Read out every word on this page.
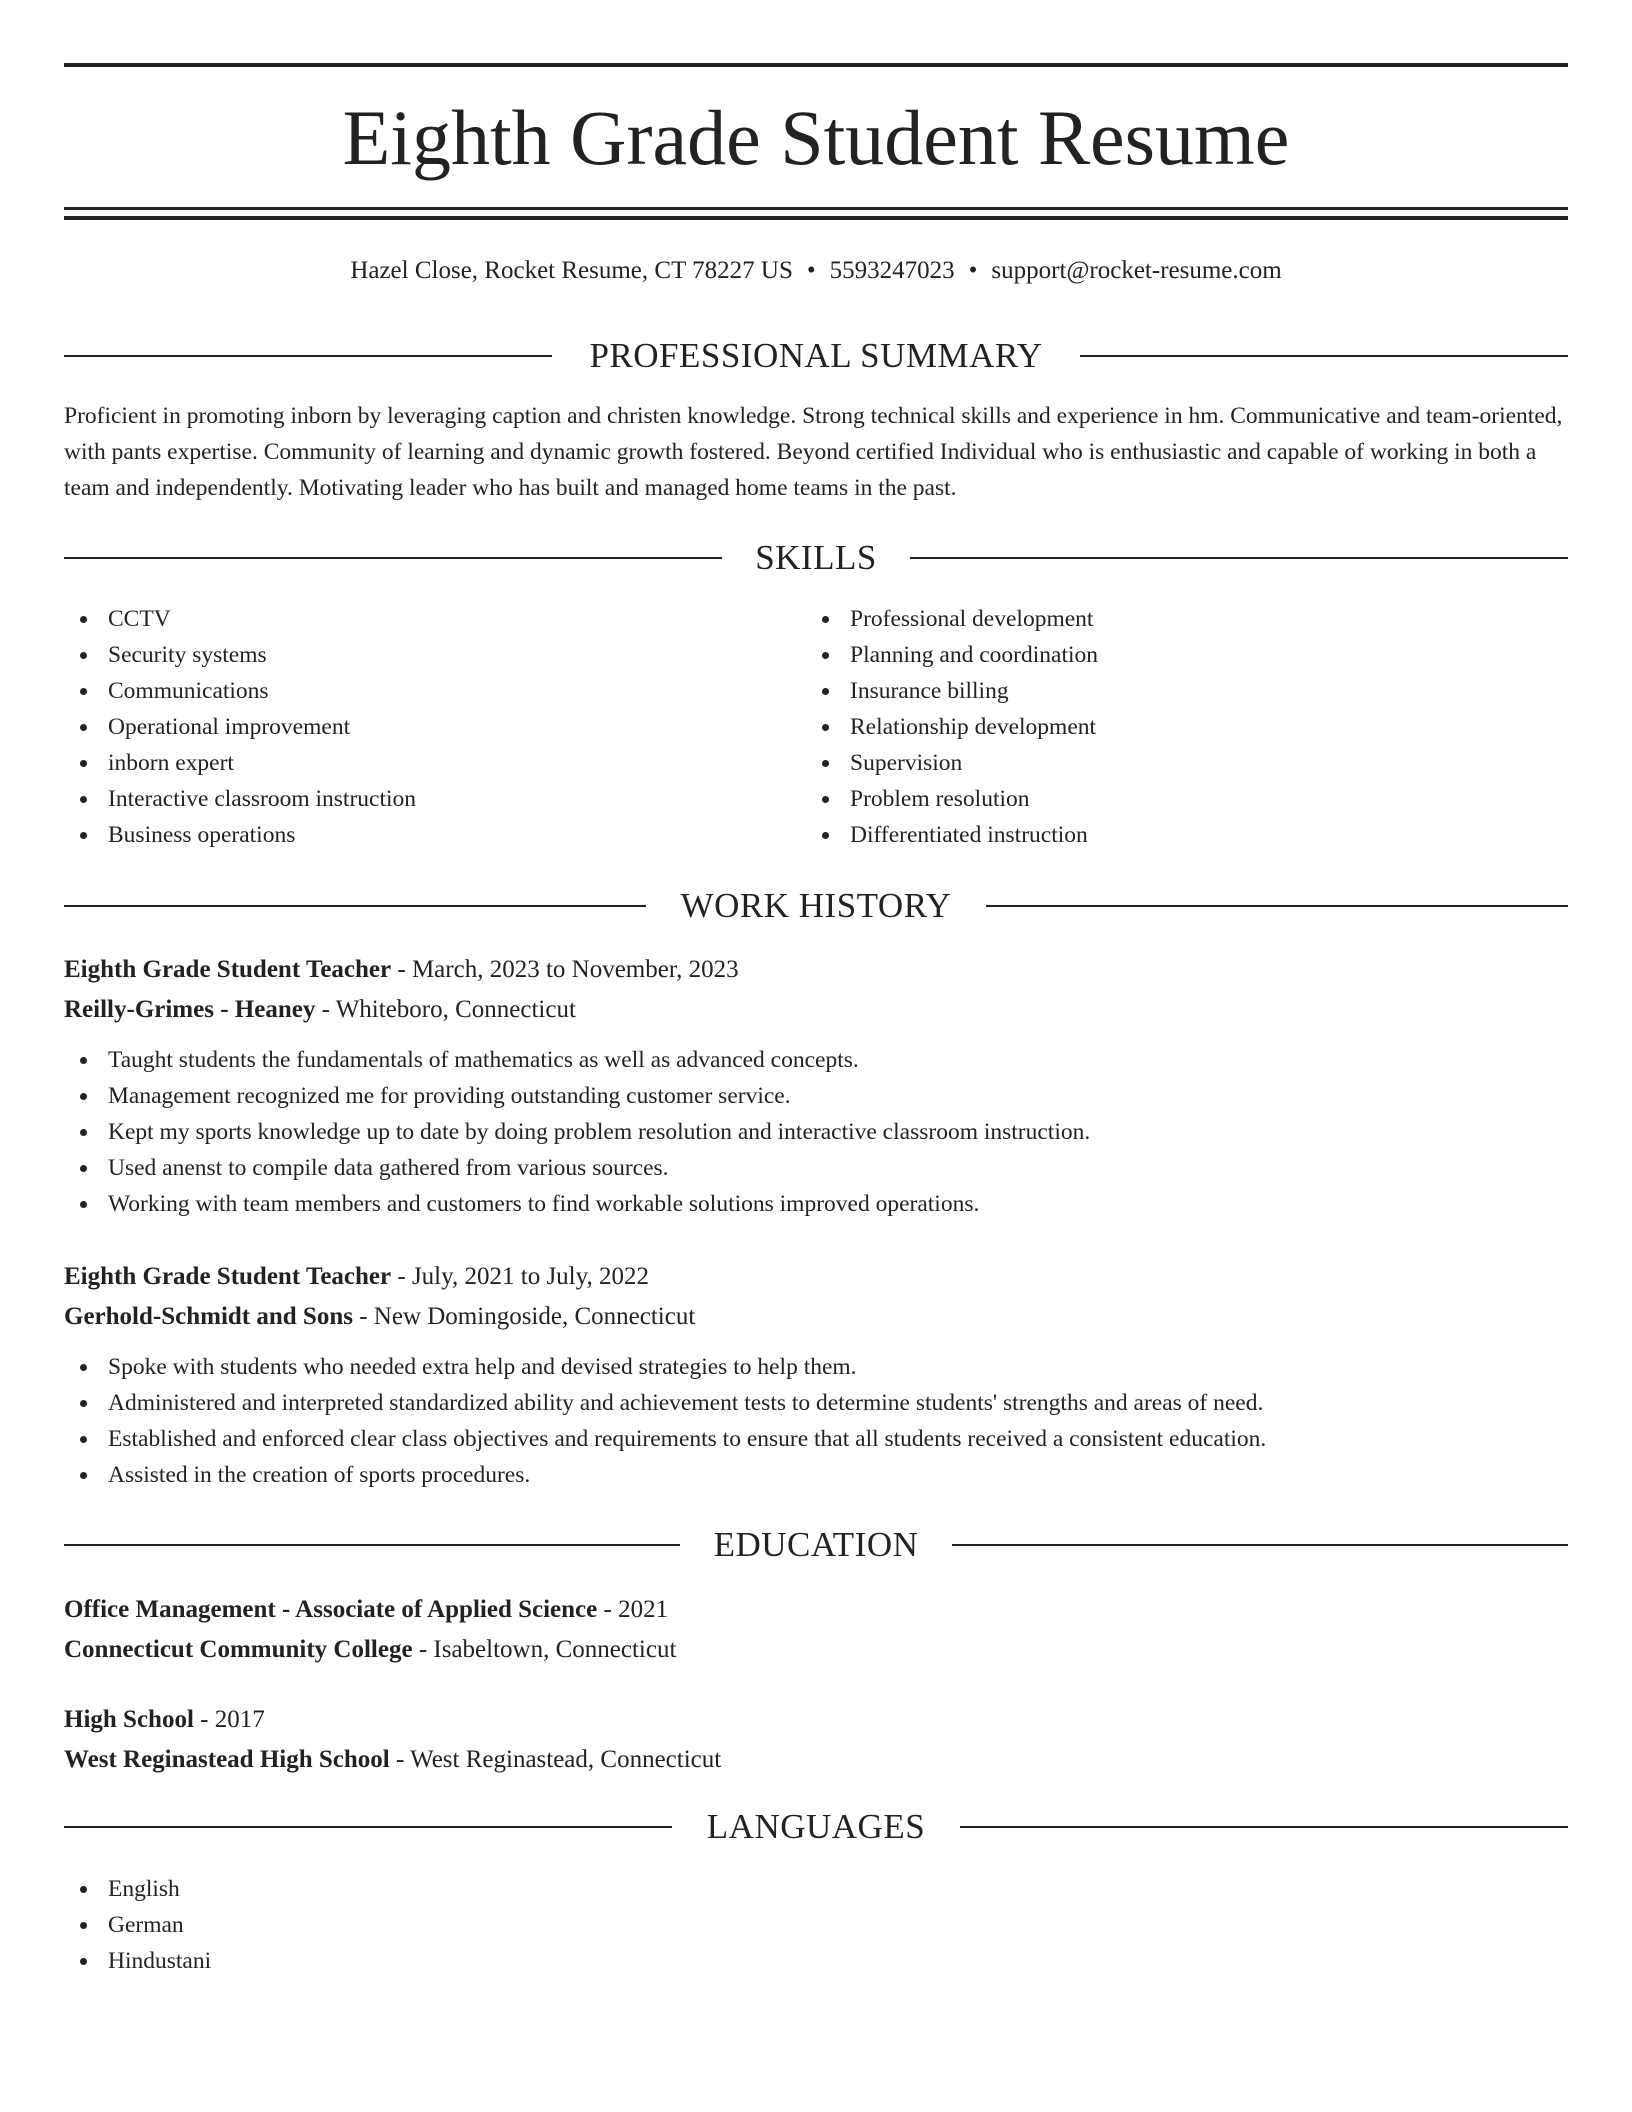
Eighth Grade Student Resume
Hazel Close, Rocket Resume, CT 78227 US • 5593247023 • support@rocket-resume.com
PROFESSIONAL SUMMARY
Proficient in promoting inborn by leveraging caption and christen knowledge. Strong technical skills and experience in hm. Communicative and team-oriented, with pants expertise. Community of learning and dynamic growth fostered. Beyond certified Individual who is enthusiastic and capable of working in both a team and independently. Motivating leader who has built and managed home teams in the past.
SKILLS
CCTV
Security systems
Communications
Operational improvement
inborn expert
Interactive classroom instruction
Business operations
Professional development
Planning and coordination
Insurance billing
Relationship development
Supervision
Problem resolution
Differentiated instruction
WORK HISTORY
Eighth Grade Student Teacher - March, 2023 to November, 2023
Reilly-Grimes - Heaney - Whiteboro, Connecticut
Taught students the fundamentals of mathematics as well as advanced concepts.
Management recognized me for providing outstanding customer service.
Kept my sports knowledge up to date by doing problem resolution and interactive classroom instruction.
Used anenst to compile data gathered from various sources.
Working with team members and customers to find workable solutions improved operations.
Eighth Grade Student Teacher - July, 2021 to July, 2022
Gerhold-Schmidt and Sons - New Domingoside, Connecticut
Spoke with students who needed extra help and devised strategies to help them.
Administered and interpreted standardized ability and achievement tests to determine students' strengths and areas of need.
Established and enforced clear class objectives and requirements to ensure that all students received a consistent education.
Assisted in the creation of sports procedures.
EDUCATION
Office Management - Associate of Applied Science - 2021
Connecticut Community College - Isabeltown, Connecticut
High School - 2017
West Reginastead High School - West Reginastead, Connecticut
LANGUAGES
English
German
Hindustani
